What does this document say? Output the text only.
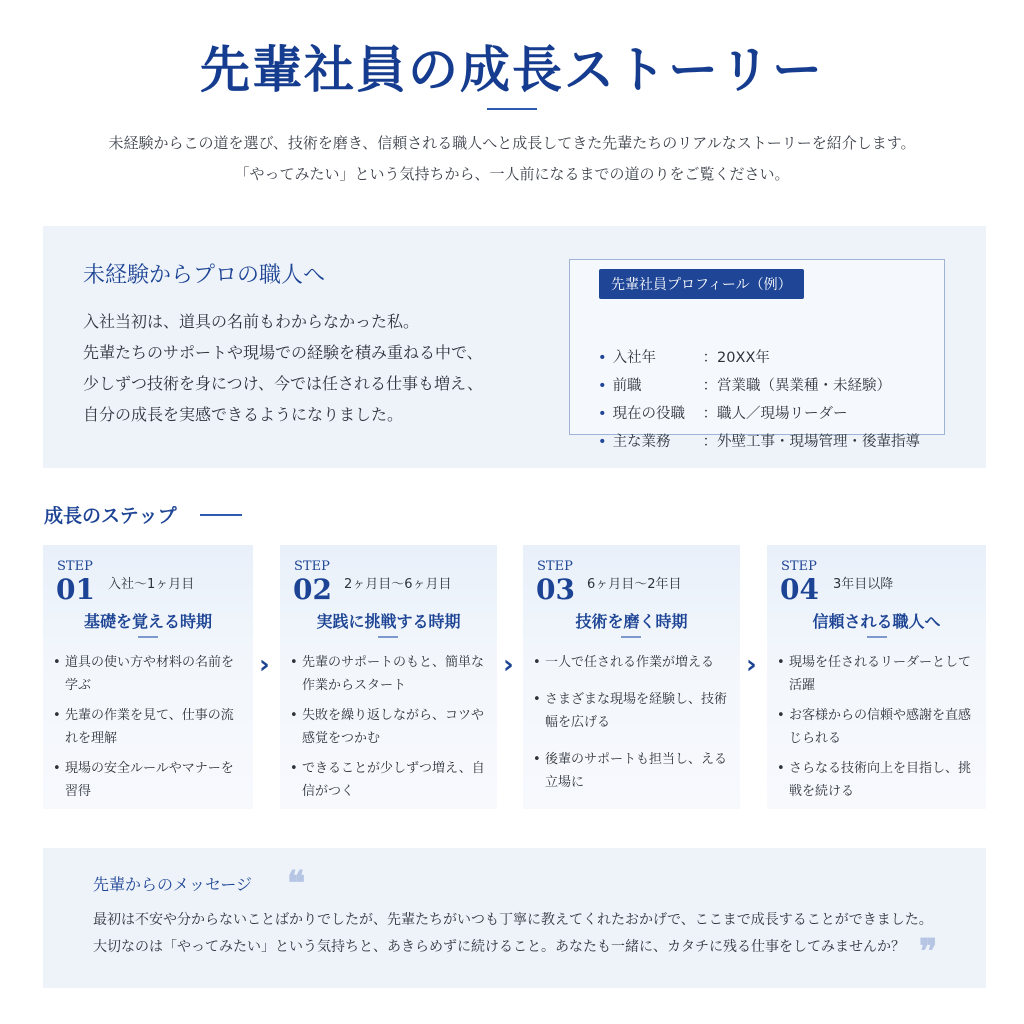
先輩社員の成長ストーリー
未経験からこの道を選び、技術を磨き、信頼される職人へと成長してきた先輩たちのリアルなストーリーを紹介します。
「やってみたい」という気持ちから、一人前になるまでの道のりをご覧ください。
未経験からプロの職人へ
入社当初は、道具の名前もわからなかった私。
先輩たちのサポートや現場での経験を積み重ねる中で、
少しずつ技術を身につけ、今では任される仕事も増え、
自分の成長を実感できるようになりました。
先輩社員プロフィール（例）
• 入社年	：20XX年
• 前職	：営業職（異業種・未経験）
• 現在の役職 ：職人／現場リーダー
• 主な業務 ：外壁工事・現場管理・後輩指導
成長のステップ
STEP
01 入社〜1ヶ月目
基礎を覚える時期
• 道具の使い方や材料の名前を学ぶ
• 先輩の作業を見て、仕事の流れを理解
• 現場の安全ルールやマナーを習得
›
STEP
02 2ヶ月目〜6ヶ月目
実践に挑戦する時期
• 先輩のサポートのもと、簡単な作業からスタート
• 失敗を繰り返しながら、コツや感覚をつかむ
• できることが少しずつ増え、自信がつく
›
STEP
03 6ヶ月目〜2年目
技術を磨く時期
• 一人で任される作業が増える
• さまざまな現場を経験し、技術幅を広げる
• 後輩のサポートも担当し、える立場に
›
STEP
04 3年目以降
信頼される職人へ
• 現場を任されるリーダーとして活躍
• お客様からの信頼や感謝を直感じられる
• さらなる技術向上を目指し、挑戦を続ける
先輩からのメッセージ ❝
最初は不安や分からないことばかりでしたが、先輩たちがいつも丁寧に教えてくれたおかげで、ここまで成長することができました。
大切なのは「やってみたい」という気持ちと、あきらめずに続けること。あなたも一緒に、カタチに残る仕事をしてみませんか？ ❞
